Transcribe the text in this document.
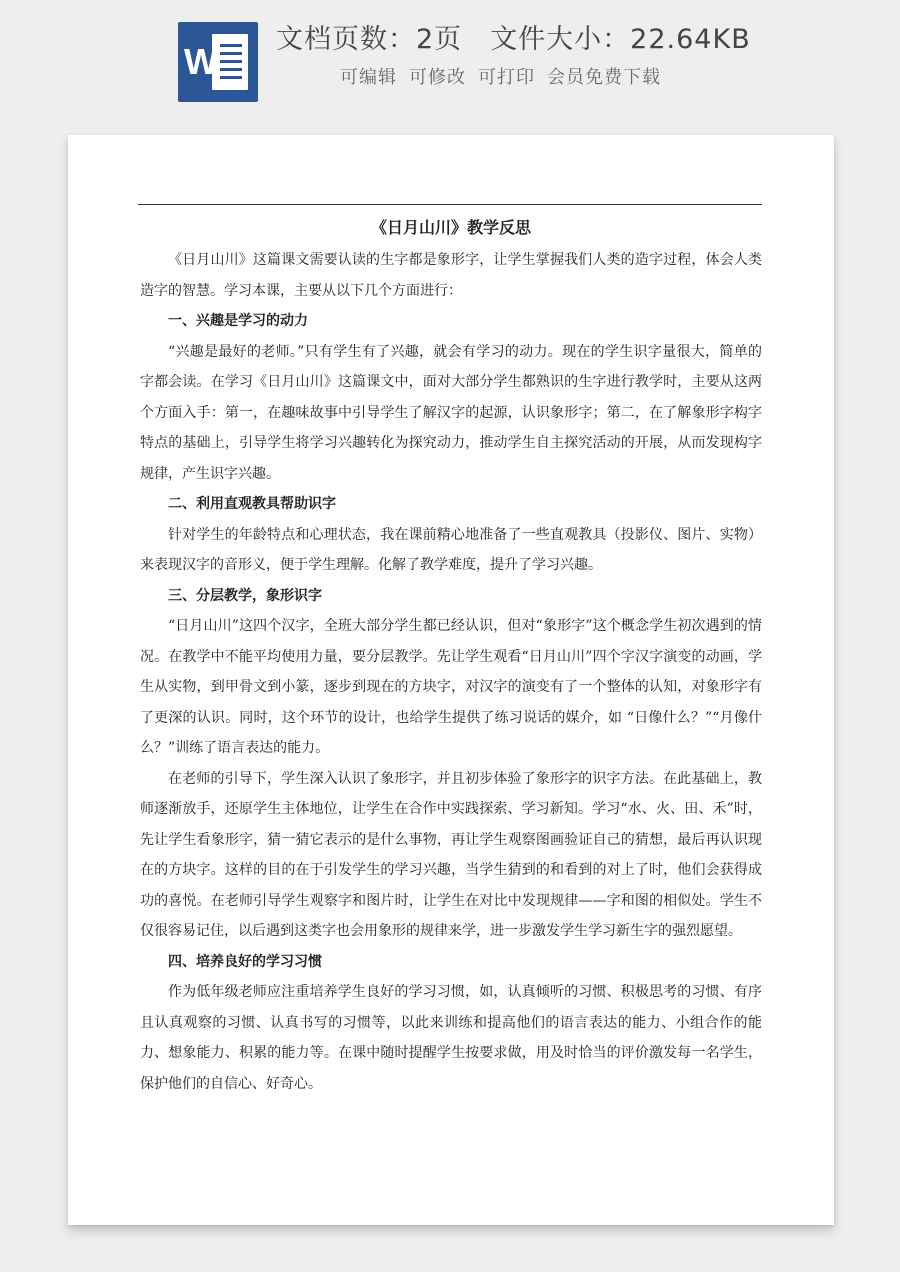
W
文档页数：2页 文件大小：22.64KB
可编辑 可修改 可打印 会员免费下载
《日月山川》教学反思
《日月山川》这篇课文需要认读的生字都是象形字，让学生掌握我们人类的造字过程，体会人类造字的智慧。学习本课，主要从以下几个方面进行：
一、兴趣是学习的动力
“兴趣是最好的老师。”只有学生有了兴趣，就会有学习的动力。现在的学生识字量很大，简单的字都会读。在学习《日月山川》这篇课文中，面对大部分学生都熟识的生字进行教学时，主要从这两个方面入手：第一，在趣味故事中引导学生了解汉字的起源，认识象形字；第二，在了解象形字构字特点的基础上，引导学生将学习兴趣转化为探究动力，推动学生自主探究活动的开展，从而发现构字规律，产生识字兴趣。
二、利用直观教具帮助识字
针对学生的年龄特点和心理状态，我在课前精心地准备了一些直观教具（投影仪、图片、实物）来表现汉字的音形义，便于学生理解。化解了教学难度，提升了学习兴趣。
三、分层教学，象形识字
“日月山川”这四个汉字，全班大部分学生都已经认识，但对“象形字”这个概念学生初次遇到的情况。在教学中不能平均使用力量，要分层教学。先让学生观看“日月山川”四个字汉字演变的动画，学生从实物，到甲骨文到小篆，逐步到现在的方块字，对汉字的演变有了一个整体的认知，对象形字有了更深的认识。同时，这个环节的设计，也给学生提供了练习说话的媒介，如 “日像什么？”“月像什么？”训练了语言表达的能力。
在老师的引导下，学生深入认识了象形字，并且初步体验了象形字的识字方法。在此基础上，教师逐渐放手，还原学生主体地位，让学生在合作中实践探索、学习新知。学习“水、火、田、禾”时，先让学生看象形字，猜一猜它表示的是什么事物，再让学生观察图画验证自己的猜想，最后再认识现在的方块字。这样的目的在于引发学生的学习兴趣，当学生猜到的和看到的对上了时，他们会获得成功的喜悦。在老师引导学生观察字和图片时，让学生在对比中发现规律——字和图的相似处。学生不仅很容易记住，以后遇到这类字也会用象形的规律来学，进一步激发学生学习新生字的强烈愿望。
四、培养良好的学习习惯
作为低年级老师应注重培养学生良好的学习习惯，如，认真倾听的习惯、积极思考的习惯、有序且认真观察的习惯、认真书写的习惯等，以此来训练和提高他们的语言表达的能力、小组合作的能力、想象能力、积累的能力等。在课中随时提醒学生按要求做，用及时恰当的评价激发每一名学生，保护他们的自信心、好奇心。
